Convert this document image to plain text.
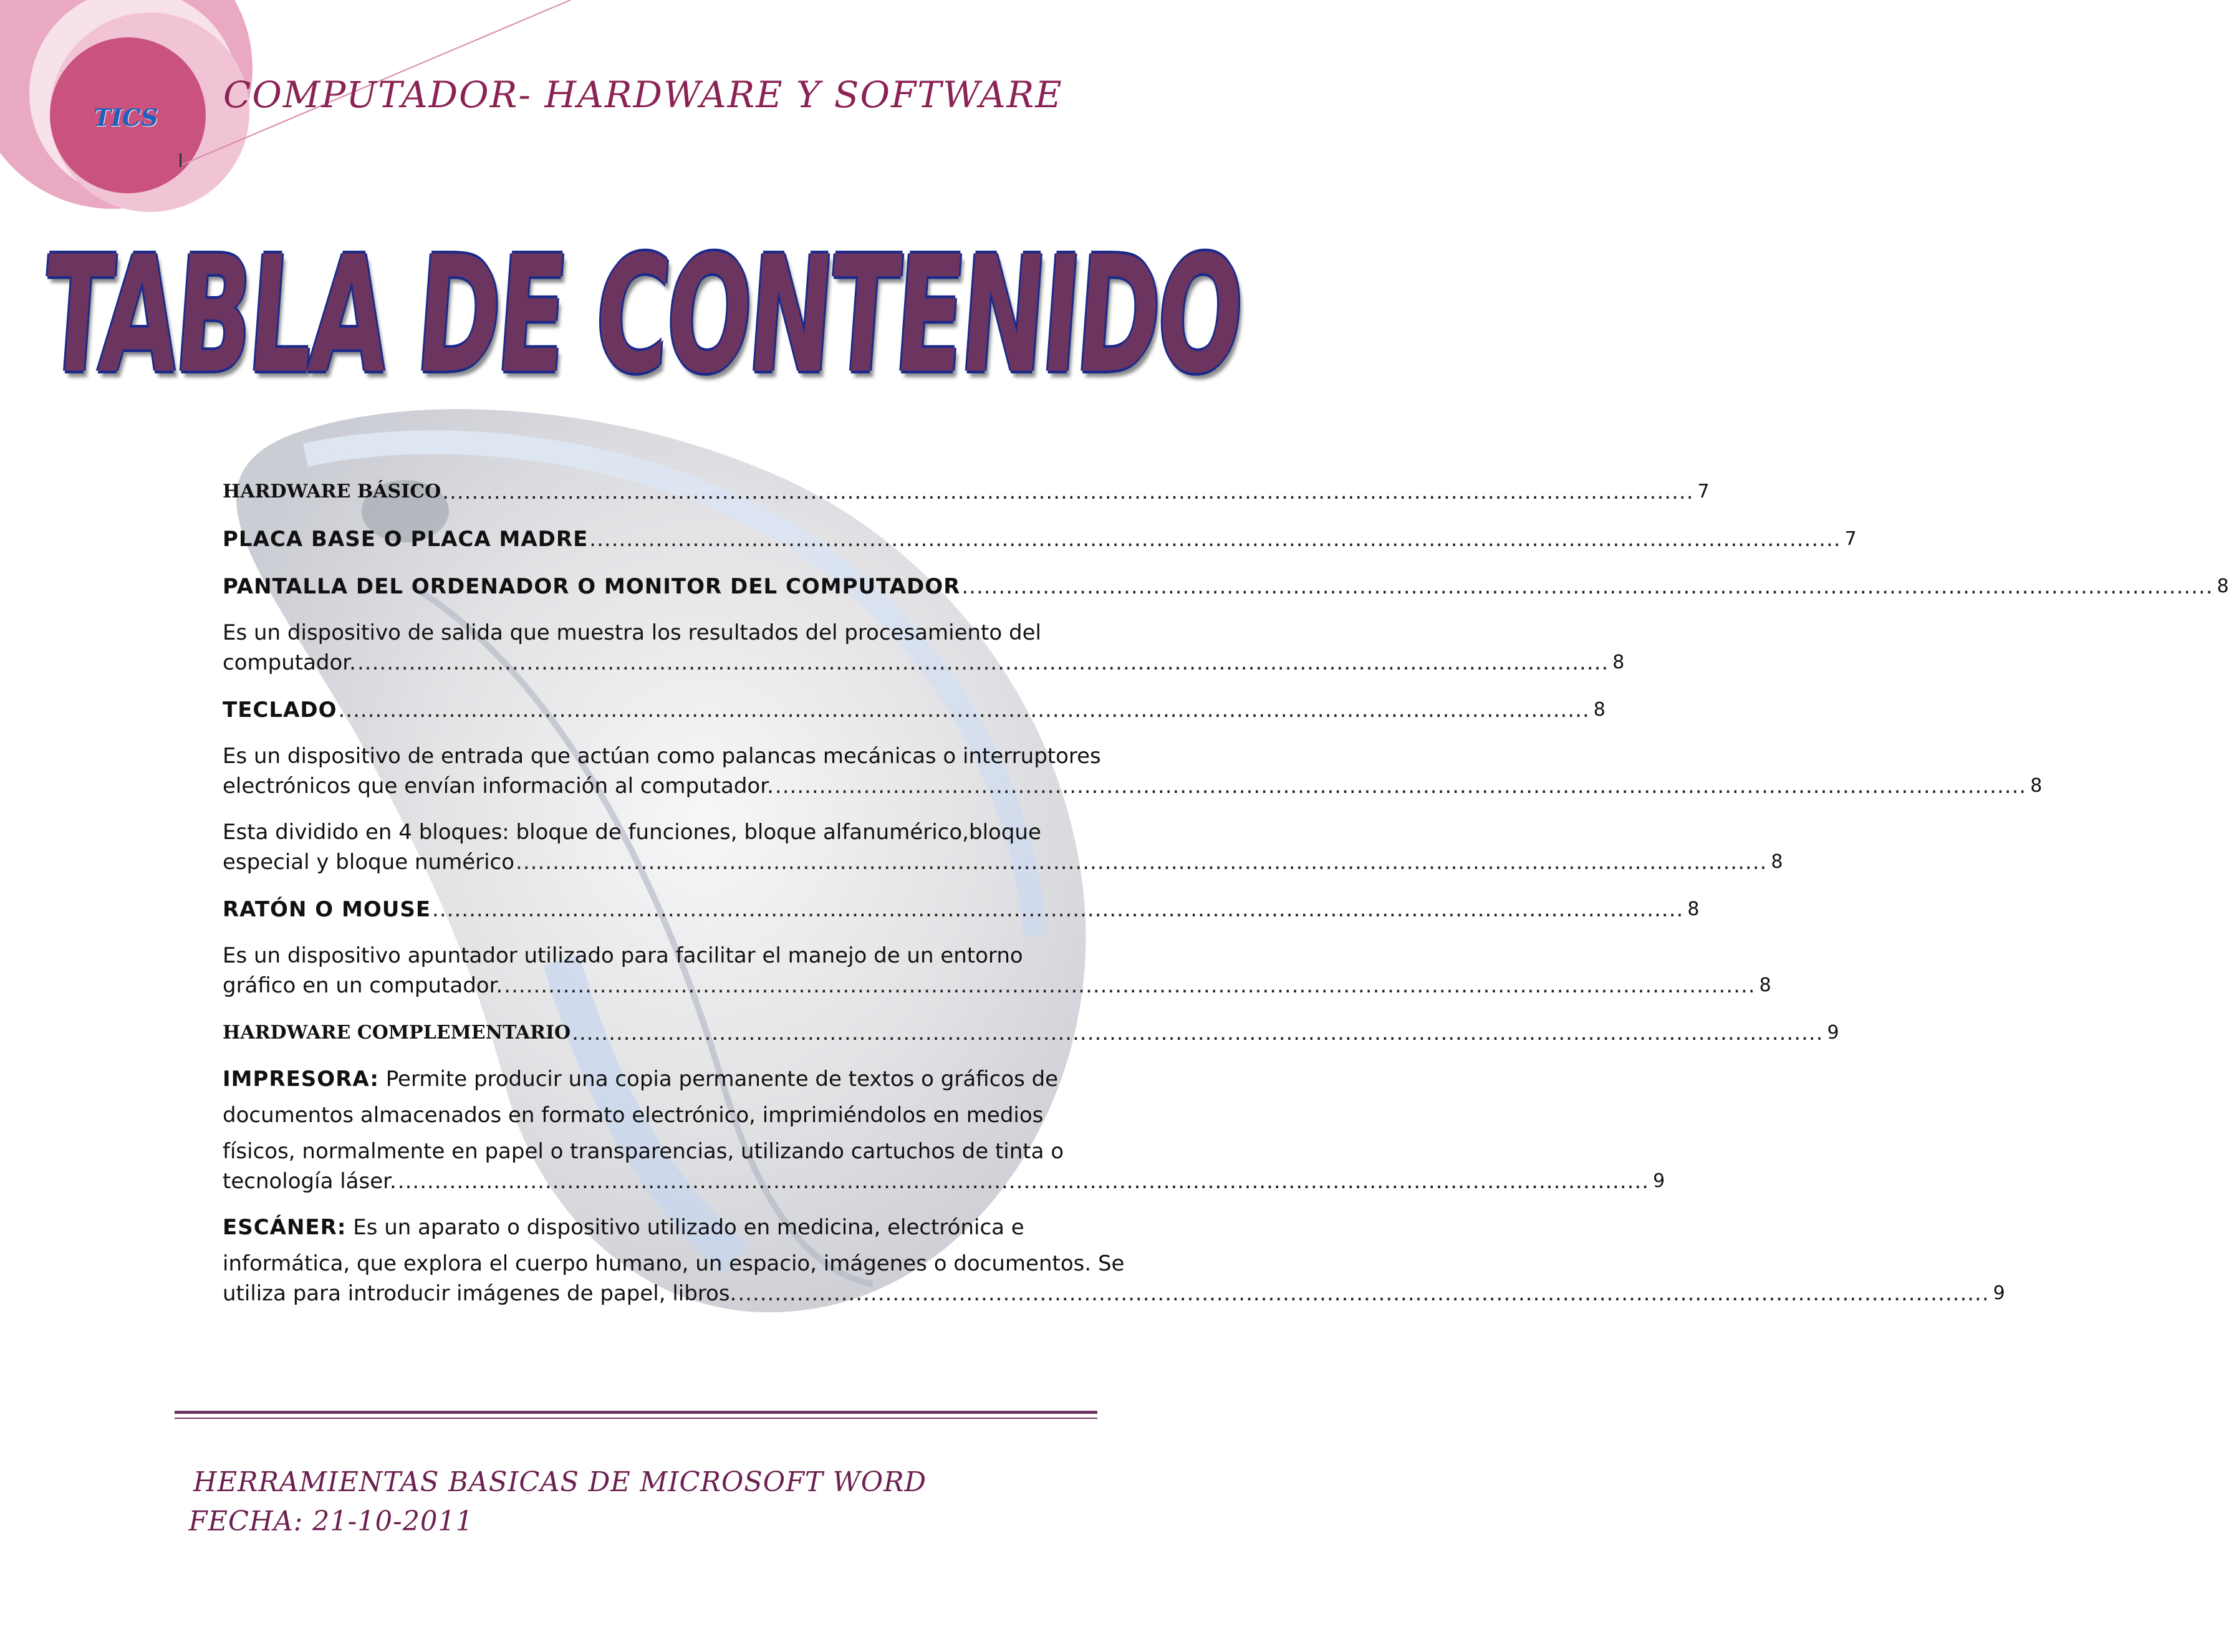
TICS
COMPUTADOR- HARDWARE Y SOFTWARE
TABLA DE CONTENIDO
HARDWARE BÁSICO .......................................................................................................................................................................... 7
PLACA BASE O PLACA MADRE .......................................................................................................................................................................... 7
PANTALLA DEL ORDENADOR O MONITOR DEL COMPUTADOR .......................................................................................................................................................................... 8
Es un dispositivo de salida que muestra los resultados del procesamiento del
computador. .......................................................................................................................................................................... 8
TECLADO .......................................................................................................................................................................... 8
Es un dispositivo de entrada que actúan como palancas mecánicas o interruptores
electrónicos que envían información al computador. .......................................................................................................................................................................... 8
Esta dividido en 4 bloques: bloque de funciones, bloque alfanumérico,bloque
especial y bloque numérico .......................................................................................................................................................................... 8
RATÓN O MOUSE .......................................................................................................................................................................... 8
Es un dispositivo apuntador utilizado para facilitar el manejo de un entorno
gráfico en un computador. .......................................................................................................................................................................... 8
HARDWARE COMPLEMENTARIO .......................................................................................................................................................................... 9
IMPRESORA: Permite producir una copia permanente de textos o gráficos de
documentos almacenados en formato electrónico, imprimiéndolos en medios
físicos, normalmente en papel o transparencias, utilizando cartuchos de tinta o
tecnología láser. .......................................................................................................................................................................... 9
ESCÁNER: Es un aparato o dispositivo utilizado en medicina, electrónica e
informática, que explora el cuerpo humano, un espacio, imágenes o documentos. Se
utiliza para introducir imágenes de papel, libros. .......................................................................................................................................................................... 9
HERRAMIENTAS BASICAS DE MICROSOFT WORD
FECHA: 21-10-2011
